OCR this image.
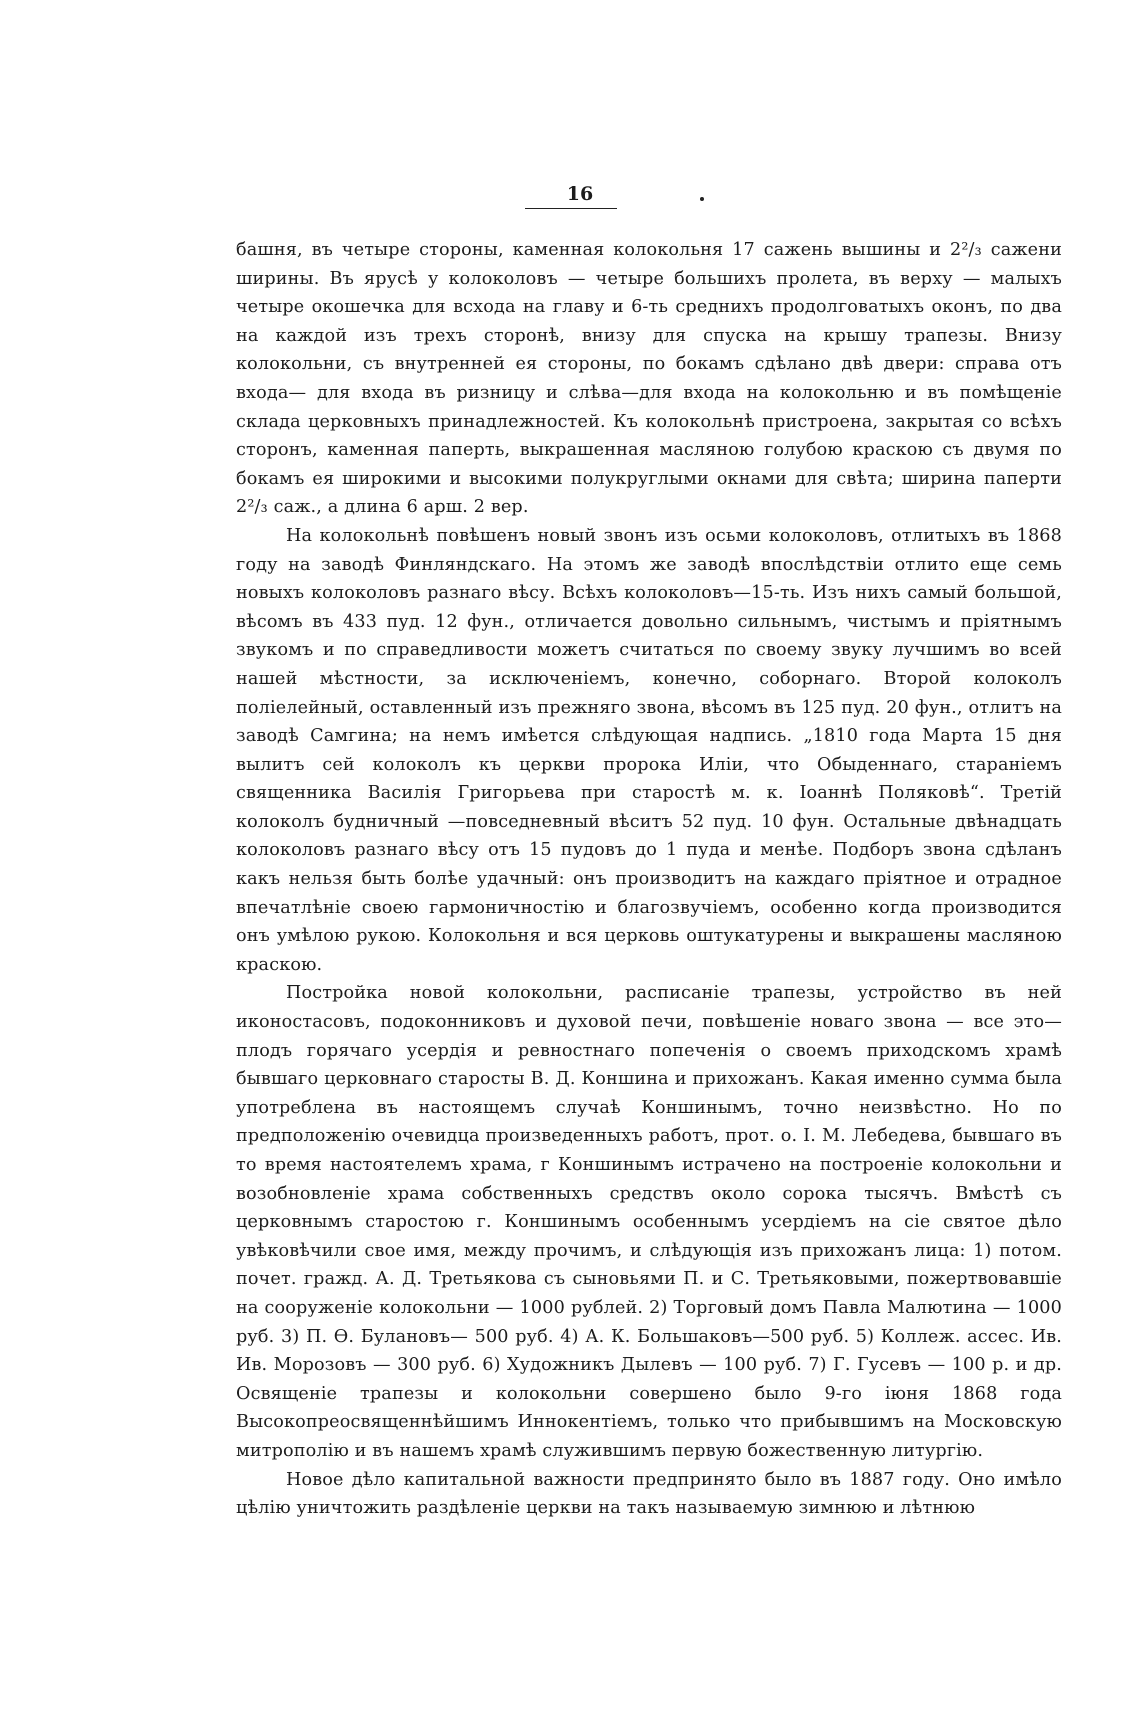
16

башня, въ четыре стороны, каменная колокольня 17 сажень вышины и 2²/₃ сажени ширины. Въ ярусѣ у колоколовъ — четыре большихъ пролета, въ верху — малыхъ четыре окошечка для всхода на главу и 6-ть среднихъ продолговатыхъ оконъ, по два на каждой изъ трехъ сторонѣ, внизу для спуска на крышу трапезы. Внизу колокольни, съ внутренней ея стороны, по бокамъ сдѣлано двѣ двери: справа отъ входа— для входа въ ризницу и слѣва—для входа на колокольню и въ помѣщеніе склада церковныхъ принадлежностей. Къ колокольнѣ пристроена, закрытая со всѣхъ сторонъ, каменная паперть, выкрашенная масляною голубою краскою съ двумя по бокамъ ея широкими и высокими полукруглыми окнами для свѣта; ширина паперти 2²/₃ саж., а длина 6 арш. 2 вер.

На колокольнѣ повѣшенъ новый звонъ изъ осьми колоколовъ, отлитыхъ въ 1868 году на заводѣ Финляндскаго. На этомъ же заводѣ впослѣдствіи отлито еще семь новыхъ колоколовъ разнаго вѣсу. Всѣхъ колоколовъ—15-ть. Изъ нихъ самый большой, вѣсомъ въ 433 пуд. 12 фун., отличается довольно сильнымъ, чистымъ и пріятнымъ звукомъ и по справедливости можетъ считаться по своему звуку лучшимъ во всей нашей мѣстности, за исключеніемъ, конечно, соборнаго. Второй колоколъ полiелейный, оставленный изъ прежняго звона, вѣсомъ въ 125 пуд. 20 фун., отлитъ на заводѣ Самгина; на немъ имѣется слѣдующая надпись. „1810 года Марта 15 дня вылитъ сей колоколъ къ церкви пророка Иліи, что Обыденнаго, стараніемъ священника Василія Григорьева при старостѣ м. к. Іоаннѣ Поляковѣ“. Третій колоколъ будничный —повседневный вѣситъ 52 пуд. 10 фун. Остальные двѣнадцать колоколовъ разнаго вѣсу отъ 15 пудовъ до 1 пуда и менѣе. Подборъ звона сдѣланъ какъ нельзя быть болѣе удачный: онъ производитъ на каждаго пріятное и отрадное впечатлѣніе своею гармоничностію и благозвучіемъ, особенно когда производится онъ умѣлою рукою. Колокольня и вся церковь оштукатурены и выкрашены масляною краскою.

Постройка новой колокольни, расписаніе трапезы, устройство въ ней иконостасовъ, подоконниковъ и духовой печи, повѣшеніе новаго звона — все это—плодъ горячаго усердія и ревностнаго попеченія о своемъ приходскомъ храмѣ бывшаго церковнаго старосты В. Д. Коншина и прихожанъ. Какая именно сумма была употреблена въ настоящемъ случаѣ Коншинымъ, точно неизвѣстно. Но по предположенію очевидца произведенныхъ работъ, прот. о. І. М. Лебедева, бывшаго въ то время настоятелемъ храма, г Коншинымъ истрачено на построеніе колокольни и возобновленіе храма собственныхъ средствъ около сорока тысячъ. Вмѣстѣ съ церковнымъ старостою г. Коншинымъ особеннымъ усердіемъ на сіе святое дѣло увѣковѣчили свое имя, между прочимъ, и слѣдующія изъ прихожанъ лица: 1) потом. почет. гражд. А. Д. Третьякова съ сыновьями П. и С. Третьяковыми, пожертвовавшіе на сооруженіе колокольни — 1000 рублей. 2) Торговый домъ Павла Малютина — 1000 руб. 3) П. Ѳ. Булановъ— 500 руб. 4) А. К. Большаковъ—500 руб. 5) Коллеж. ассес. Ив. Ив. Морозовъ — 300 руб. 6) Художникъ Дылевъ — 100 руб. 7) Г. Гусевъ — 100 р. и др. Освященіе трапезы и колокольни совершено было 9-го іюня 1868 года Высокопреосвященнѣйшимъ Иннокентіемъ, только что прибывшимъ на Московскую митрополію и въ нашемъ храмѣ служившимъ первую божественную литургію.

Новое дѣло капитальной важности предпринято было въ 1887 году. Оно имѣло цѣлію уничтожить раздѣленіе церкви на такъ называемую зимнюю и лѣтнюю
